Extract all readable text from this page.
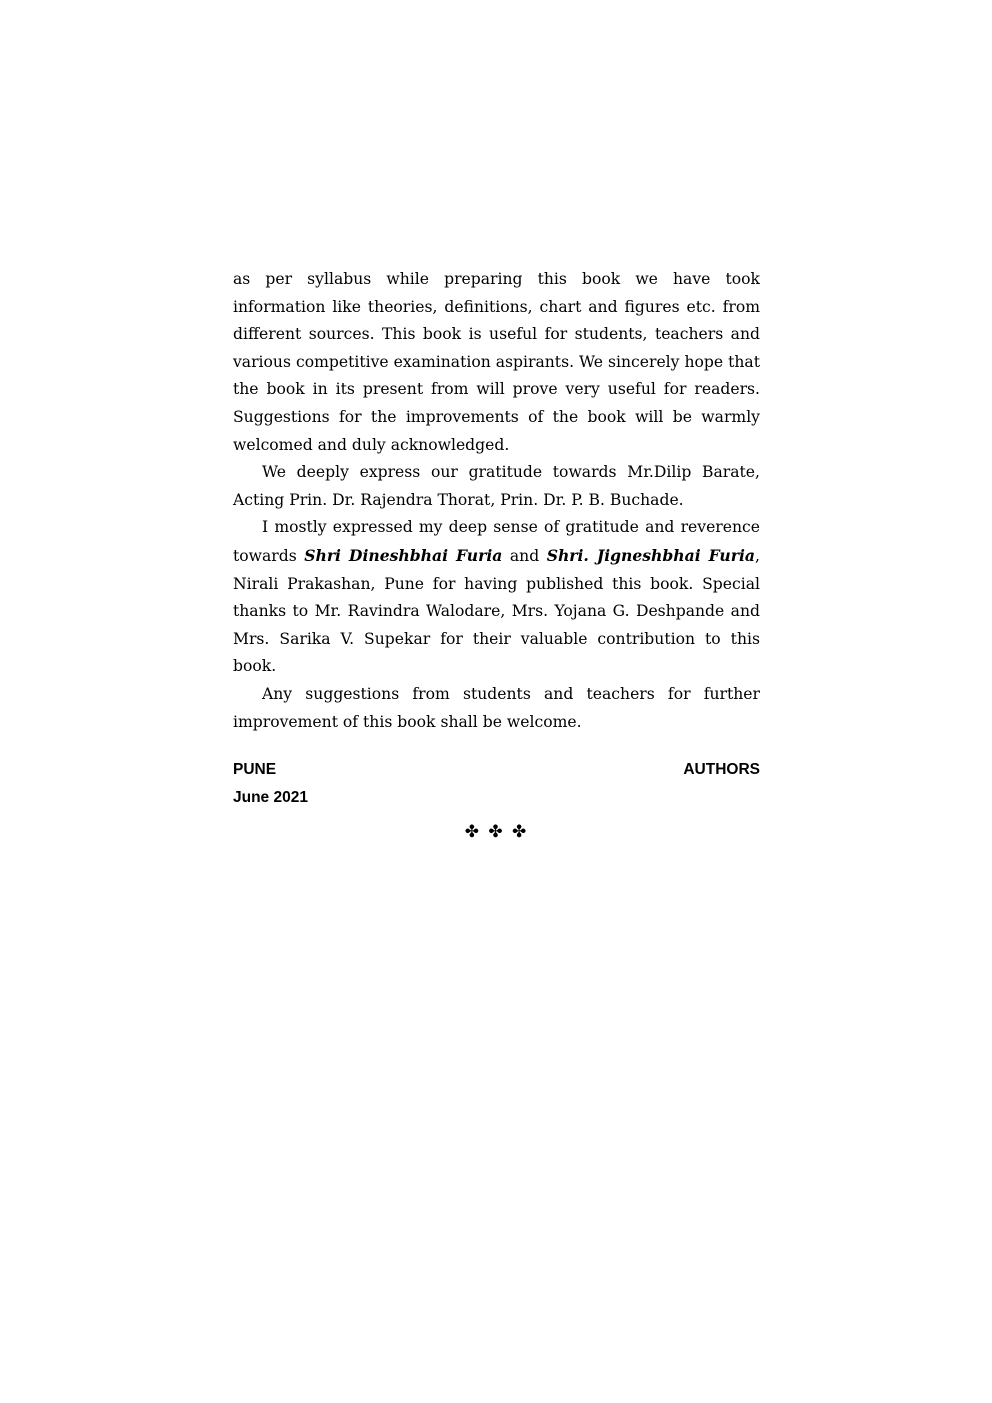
as per syllabus while preparing this book we have took information like theories, definitions, chart and figures etc. from different sources. This book is useful for students, teachers and various competitive examination aspirants. We sincerely hope that the book in its present from will prove very useful for readers. Suggestions for the improvements of the book will be warmly welcomed and duly acknowledged.

We deeply express our gratitude towards Mr.Dilip Barate, Acting Prin. Dr. Rajendra Thorat, Prin. Dr. P. B. Buchade.

I mostly expressed my deep sense of gratitude and reverence towards Shri Dineshbhai Furia and Shri. Jigneshbhai Furia, Nirali Prakashan, Pune for having published this book. Special thanks to Mr. Ravindra Walodare, Mrs. Yojana G. Deshpande and Mrs. Sarika V. Supekar for their valuable contribution to this book.

Any suggestions from students and teachers for further improvement of this book shall be welcome.

PUNE	AUTHORS
June 2021
✤ ✤ ✤
